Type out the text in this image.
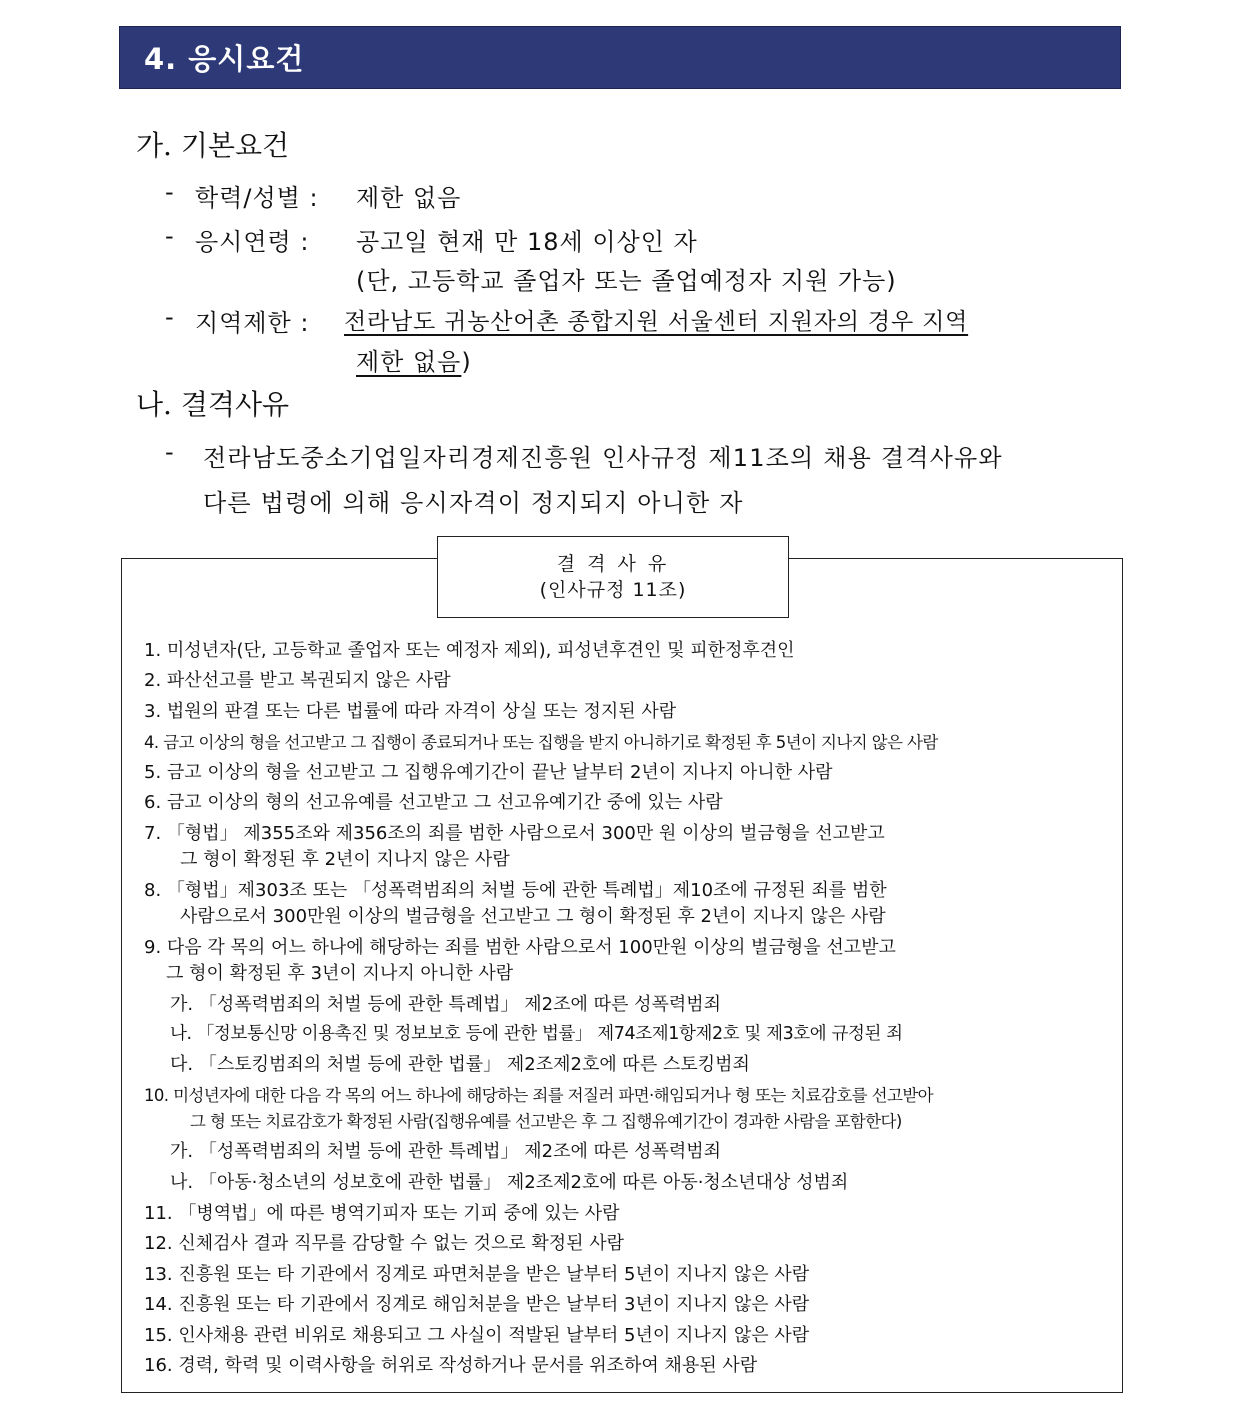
4. 응시요건
가. 기본요건
- 학력/성별 : 제한 없음
- 응시연령 : 공고일 현재 만 18세 이상인 자
(단, 고등학교 졸업자 또는 졸업예정자 지원 가능)
- 지역제한 : 전라남도 귀농산어촌 종합지원 서울센터 지원자의 경우 지역
제한 없음)
나. 결격사유
- 전라남도중소기업일자리경제진흥원 인사규정 제11조의 채용 결격사유와
다른 법령에 의해 응시자격이 정지되지 아니한 자
결 격 사 유
(인사규정 11조)
1. 미성년자(단, 고등학교 졸업자 또는 예정자 제외), 피성년후견인 및 피한정후견인
2. 파산선고를 받고 복권되지 않은 사람
3. 법원의 판결 또는 다른 법률에 따라 자격이 상실 또는 정지된 사람
4. 금고 이상의 형을 선고받고 그 집행이 종료되거나 또는 집행을 받지 아니하기로 확정된 후 5년이 지나지 않은 사람
5. 금고 이상의 형을 선고받고 그 집행유예기간이 끝난 날부터 2년이 지나지 아니한 사람
6. 금고 이상의 형의 선고유예를 선고받고 그 선고유예기간 중에 있는 사람
7. 「형법」 제355조와 제356조의 죄를 범한 사람으로서 300만 원 이상의 벌금형을 선고받고
그 형이 확정된 후 2년이 지나지 않은 사람
8. 「형법」제303조 또는 「성폭력범죄의 처벌 등에 관한 특례법」제10조에 규정된 죄를 범한
사람으로서 300만원 이상의 벌금형을 선고받고 그 형이 확정된 후 2년이 지나지 않은 사람
9. 다음 각 목의 어느 하나에 해당하는 죄를 범한 사람으로서 100만원 이상의 벌금형을 선고받고
그 형이 확정된 후 3년이 지나지 아니한 사람
가. 「성폭력범죄의 처벌 등에 관한 특례법」 제2조에 따른 성폭력범죄
나. 「정보통신망 이용촉진 및 정보보호 등에 관한 법률」 제74조제1항제2호 및 제3호에 규정된 죄
다. 「스토킹범죄의 처벌 등에 관한 법률」 제2조제2호에 따른 스토킹범죄
10. 미성년자에 대한 다음 각 목의 어느 하나에 해당하는 죄를 저질러 파면·해임되거나 형 또는 치료감호를 선고받아
그 형 또는 치료감호가 확정된 사람(집행유예를 선고받은 후 그 집행유예기간이 경과한 사람을 포함한다)
가. 「성폭력범죄의 처벌 등에 관한 특례법」 제2조에 따른 성폭력범죄
나. 「아동·청소년의 성보호에 관한 법률」 제2조제2호에 따른 아동·청소년대상 성범죄
11. 「병역법」에 따른 병역기피자 또는 기피 중에 있는 사람
12. 신체검사 결과 직무를 감당할 수 없는 것으로 확정된 사람
13. 진흥원 또는 타 기관에서 징계로 파면처분을 받은 날부터 5년이 지나지 않은 사람
14. 진흥원 또는 타 기관에서 징계로 해임처분을 받은 날부터 3년이 지나지 않은 사람
15. 인사채용 관련 비위로 채용되고 그 사실이 적발된 날부터 5년이 지나지 않은 사람
16. 경력, 학력 및 이력사항을 허위로 작성하거나 문서를 위조하여 채용된 사람
